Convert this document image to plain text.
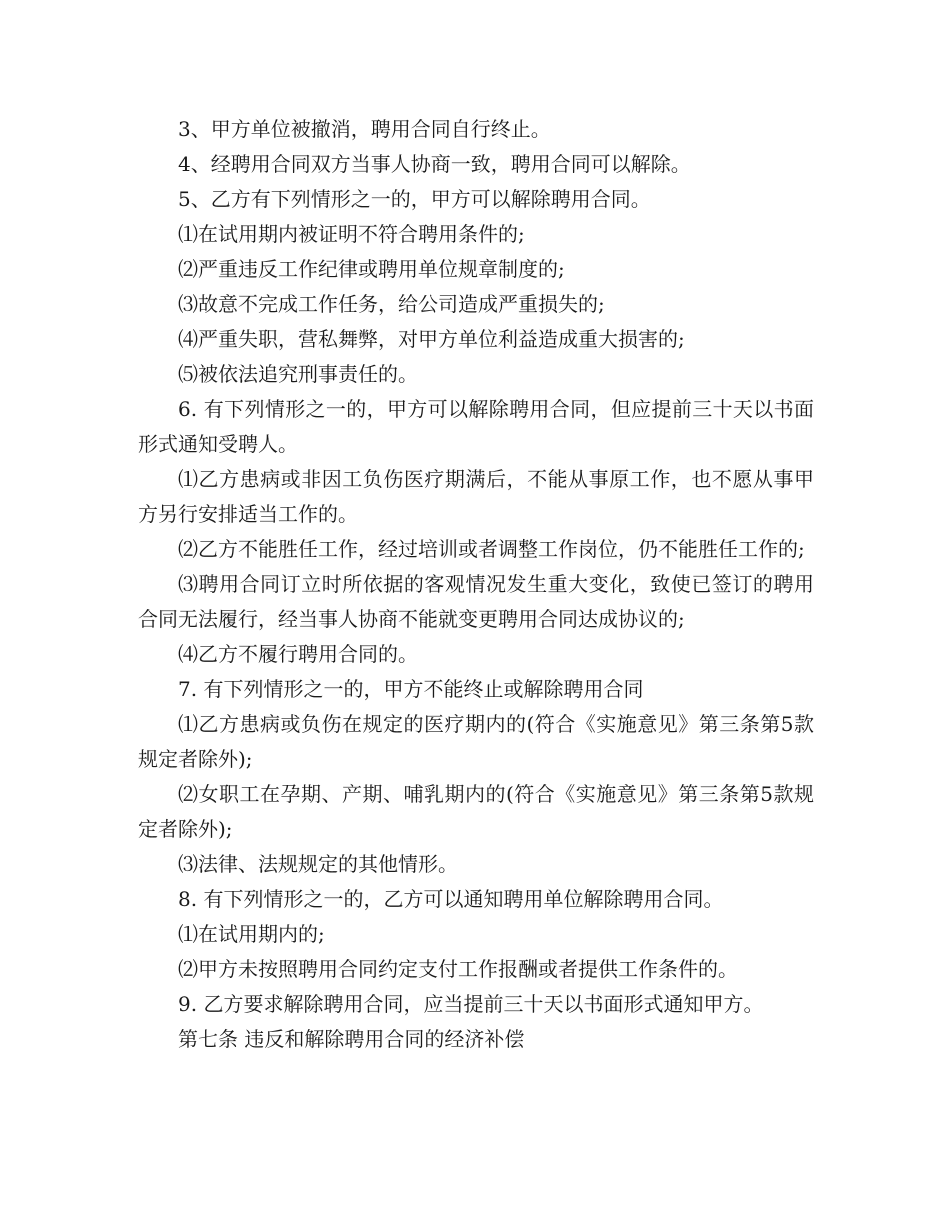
3、甲方单位被撤消，聘用合同自行终止。

4、经聘用合同双方当事人协商一致，聘用合同可以解除。

5、乙方有下列情形之一的，甲方可以解除聘用合同。

⑴在试用期内被证明不符合聘用条件的;

⑵严重违反工作纪律或聘用单位规章制度的;

⑶故意不完成工作任务，给公司造成严重损失的;

⑷严重失职，营私舞弊，对甲方单位利益造成重大损害的;

⑸被依法追究刑事责任的。

6. 有下列情形之一的，甲方可以解除聘用合同，但应提前三十天以书面形式通知受聘人。

⑴乙方患病或非因工负伤医疗期满后，不能从事原工作，也不愿从事甲方另行安排适当工作的。

⑵乙方不能胜任工作，经过培训或者调整工作岗位，仍不能胜任工作的;

⑶聘用合同订立时所依据的客观情况发生重大变化，致使已签订的聘用合同无法履行，经当事人协商不能就变更聘用合同达成协议的;

⑷乙方不履行聘用合同的。

7. 有下列情形之一的，甲方不能终止或解除聘用合同

⑴乙方患病或负伤在规定的医疗期内的(符合《实施意见》第三条第5款规定者除外);

⑵女职工在孕期、产期、哺乳期内的(符合《实施意见》第三条第5款规定者除外);

⑶法律、法规规定的其他情形。

8. 有下列情形之一的，乙方可以通知聘用单位解除聘用合同。

⑴在试用期内的;

⑵甲方未按照聘用合同约定支付工作报酬或者提供工作条件的。

9. 乙方要求解除聘用合同，应当提前三十天以书面形式通知甲方。

第七条 违反和解除聘用合同的经济补偿
